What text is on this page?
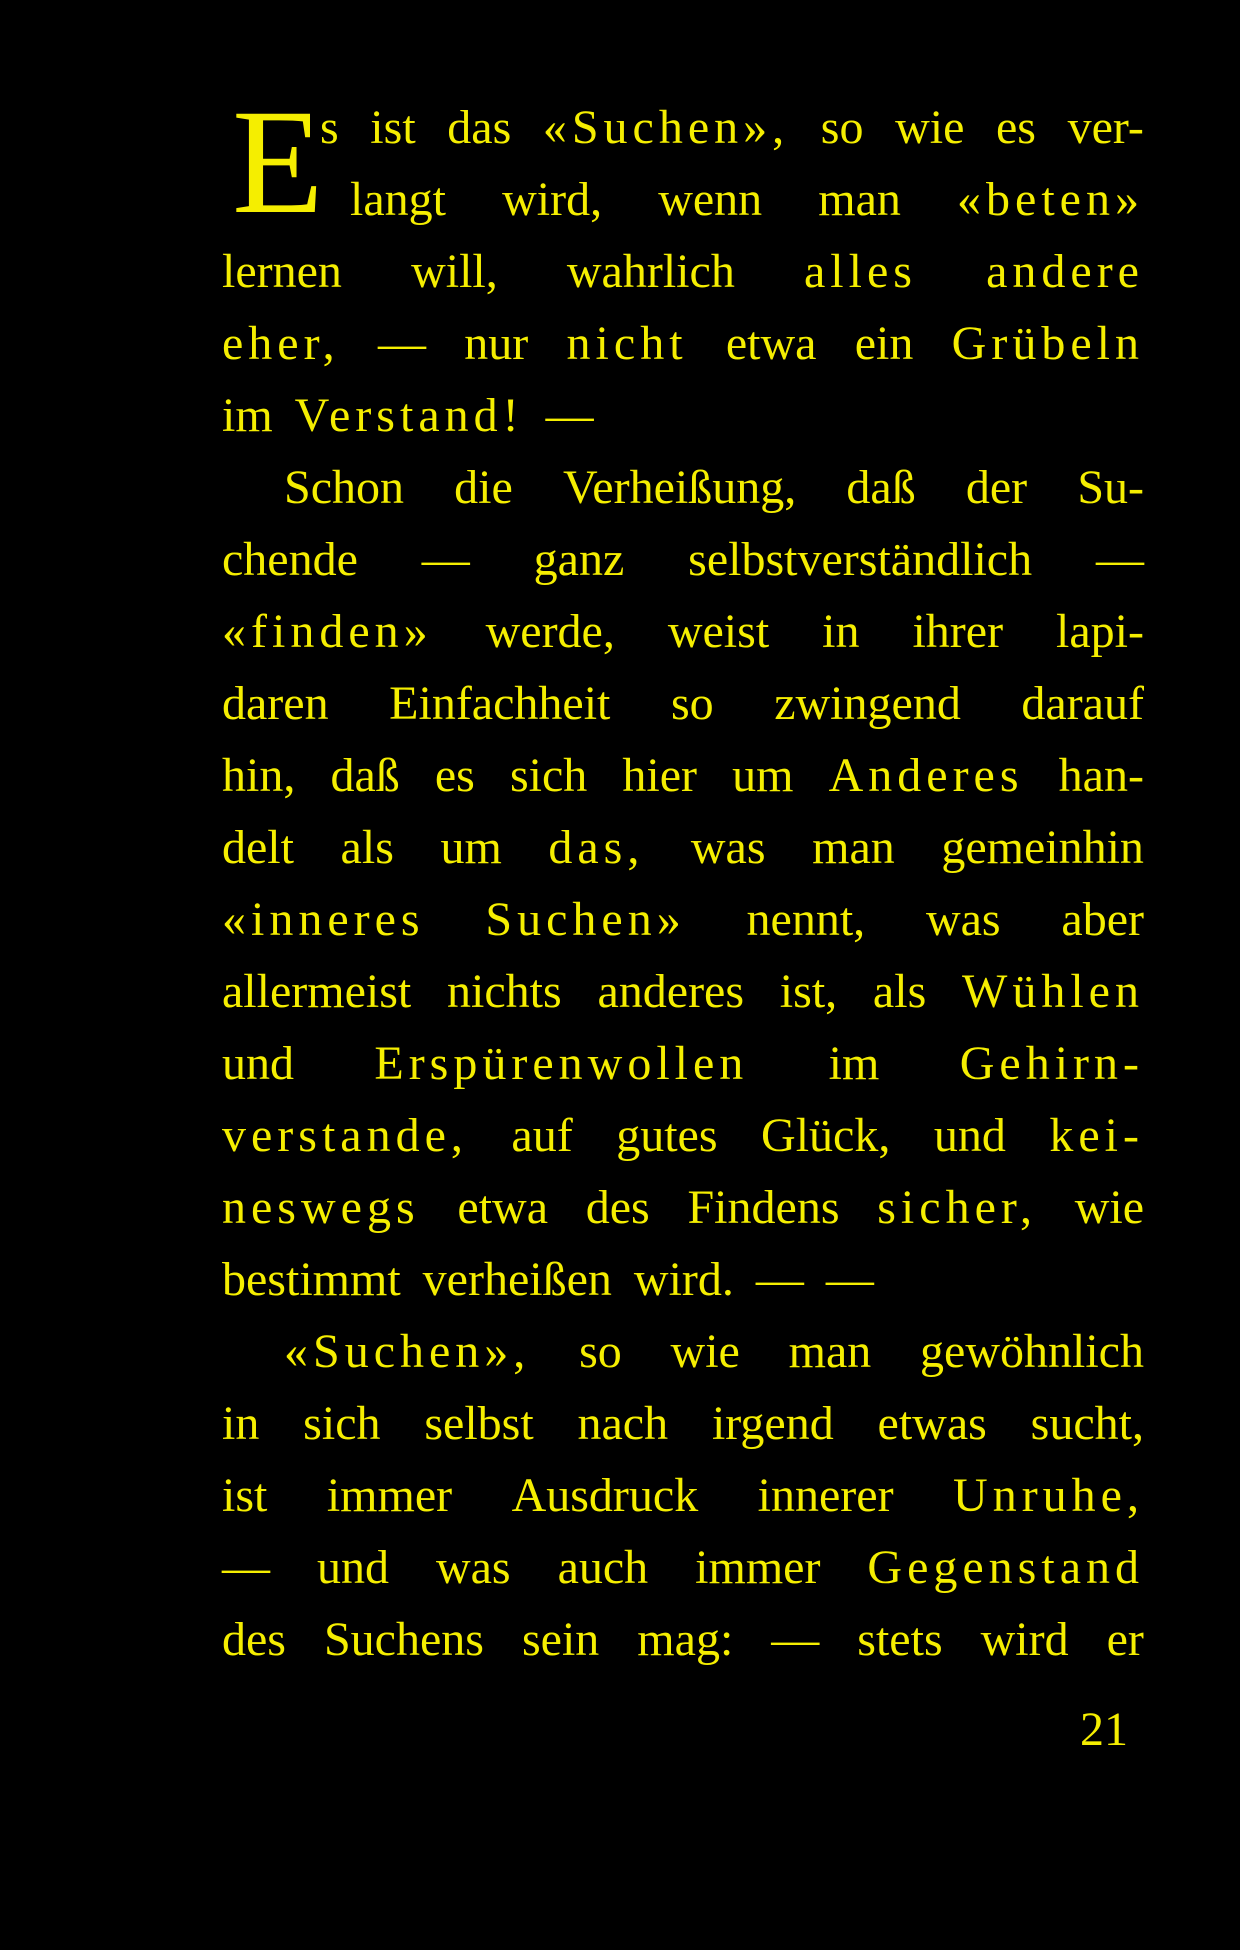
E
s ist das «Suchen», so wie es ver-
langt wird, wenn man «beten»
lernen will, wahrlich alles andere
eher, — nur nicht etwa ein Grübeln
im Verstand! —
Schon die Verheißung, daß der Su-
chende — ganz selbstverständlich —
«finden» werde, weist in ihrer lapi-
daren Einfachheit so zwingend darauf
hin, daß es sich hier um Anderes han-
delt als um das, was man gemeinhin
«inneres Suchen» nennt, was aber
allermeist nichts anderes ist, als Wühlen
und Erspürenwollen im Gehirn-
verstande, auf gutes Glück, und kei-
neswegs etwa des Findens sicher, wie
bestimmt verheißen wird. — —
«Suchen», so wie man gewöhnlich
in sich selbst nach irgend etwas sucht,
ist immer Ausdruck innerer Unruhe,
— und was auch immer Gegenstand
des Suchens sein mag: — stets wird er
21
